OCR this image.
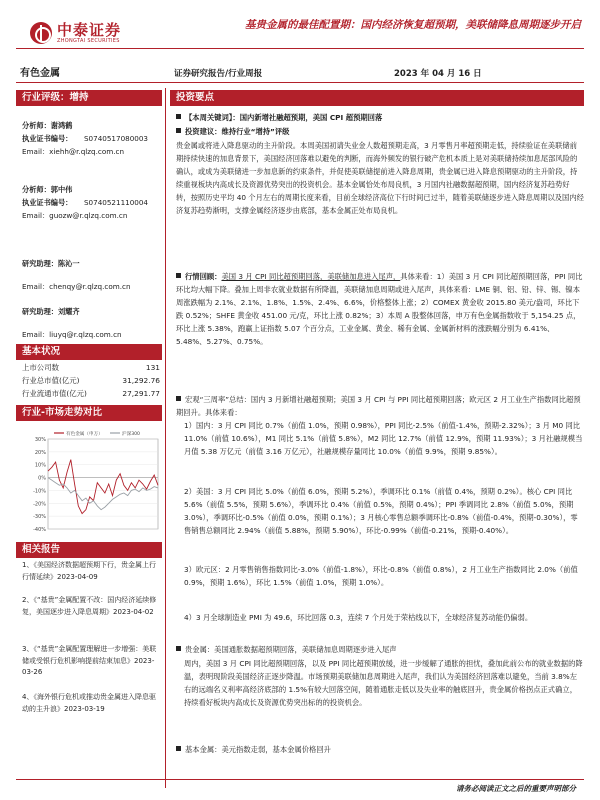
中泰证券
ZHONGTAI SECURITIES
基贵金属的最佳配置期：国内经济恢复超预期，美联储降息周期逐步开启
有色金属	证券研究报告/行业周报	2023 年 04 月 16 日
行业评级：增持
分析师：谢鸿鹤
执业证书编号： S0740517080003
Email：xiehh@r.qlzq.com.cn
分析师：郭中伟
执业证书编号： S0740521110004
Email：guozw@r.qlzq.com.cn
研究助理：陈沁一
Email：chenqy@r.qlzq.com.cn
研究助理：刘耀齐
Email：liuyq@r.qlzq.com.cn
基本状况
上市公司数	131
行业总市值(亿元)	31,292.76
行业流通市值(亿元)	27,291.77
行业-市场走势对比
30%
20%
10%
0%
-10%
-20%
-30%
-40%
有色金属（申万）	沪深300
相关报告
1、《美国经济数据超预期下行，贵金属上行行情延续》2023-04-09
2、《“基贵”金属配置不改：国内经济延续修复，美国逐步进入降息周期》2023-04-02
3、《“基贵”金属配置理解进一步增强：美联储或受银行危机影响提前结束加息》2023-03-26
4、《海外银行危机或推动贵金属进入降息驱动的主升浪》2023-03-19
投资要点
【本周关键词】：国内新增社融超预期，美国 CPI 超预期回落
投资建议：维持行业“增持”评级
贵金属或将进入降息驱动的主升阶段。本周美国初请失业金人数超预期走高，3 月零售月率超预期走低，持续验证在美联储前期持续快速的加息背景下，美国经济回落难以避免的判断，而海外频发的银行破产危机本质上是对美联储持续加息尾部风险的确认，或成为美联储进一步加息新的约束条件，并促使美联储提前进入降息周期，贵金属已进入降息预期驱动的主升阶段，持续重视板块内高成长及资源优势突出的投资机会。基本金属恰处布局良机，3 月国内社融数据超预期，国内经济复苏趋势好转，按照历史平均 40 个月左右的周期长度来看，目前全球经济高位下行时间已过半，随着美联储逐步进入降息周期以及国内经济复苏趋势渐明，支撑金属经济逐步由底部，基本金属正处布局良机。
行情回顾：美国 3 月 CPI 同比超预期回落，美联储加息进入尾声，具体来看：1）美国 3 月 CPI 同比超预期回落，PPI 同比环比均大幅下降。叠加上周非农就业数据有所降温，美联储加息周期或进入尾声，具体来看：LME 铜、铝、铅、锌、锡、镍本周涨跌幅为 2.1%、2.1%、1.8%、1.5%、2.4%、6.6%，价格整体上涨；2）COMEX 黄金收 2015.80 美元/盎司，环比下跌 0.52%；SHFE 黄金收 451.00 元/克，环比上涨 0.82%；3）本周 A 股整体回落，申万有色金属指数收于 5,154.25 点，环比上涨 5.38%，跑赢上证指数 5.07 个百分点，工业金属、黄金、稀有金属、金属新材料的涨跌幅分别为 6.41%、5.48%、5.27%、0.75%。
宏观“三周率”总结：国内 3 月新增社融超预期；美国 3 月 CPI 与 PPI 同比超预期回落；欧元区 2 月工业生产指数同比超预期回升。具体来看：
1）国内：3 月 CPI 同比 0.7%（前值 1.0%，预期 0.98%），PPI 同比-2.5%（前值-1.4%，预期-2.32%）；3 月 M0 同比 11.0%（前值 10.6%），M1 同比 5.1%（前值 5.8%），M2 同比 12.7%（前值 12.9%，预期 11.93%）；3 月社融规模当月值 5.38 万亿元（前值 3.16 万亿元），社融规模存量同比 10.0%（前值 9.9%，预期 9.85%）。
2）美国：3 月 CPI 同比 5.0%（前值 6.0%，预期 5.2%），季调环比 0.1%（前值 0.4%，预期 0.2%）。核心 CPI 同比 5.6%（前值 5.5%，预期 5.6%），季调环比 0.4%（前值 0.5%，预期 0.4%）；PPI 季调同比 2.8%（前值 5.0%，预期 3.0%），季调环比-0.5%（前值 0.0%，预期 0.1%）；3 月核心零售总额季调环比-0.8%（前值-0.4%，预期-0.30%），零售销售总额同比 2.94%（前值 5.88%，预期 5.90%），环比-0.99%（前值-0.21%，预期-0.40%）。
3）欧元区：2 月零售销售指数同比-3.0%（前值-1.8%），环比-0.8%（前值 0.8%），2 月工业生产指数同比 2.0%（前值 0.9%，预期 1.6%），环比 1.5%（前值 1.0%，预期 1.0%）。
4）3 月全球制造业 PMI 为 49.6，环比回落 0.3，连续 7 个月处于荣枯线以下，全球经济复苏动能仍偏弱。
贵金属：美国通胀数据超预期回落，美联储加息周期逐步进入尾声
周内，美国 3 月 CPI 同比超预期回落，以及 PPI 同比超预期放缓，进一步缓解了通胀的担忧，叠加此前公布的就业数据的降温，表明现阶段美国经济正逐步降温。市场预期美联储加息周期进入尾声，我们认为美国经济回落难以避免，当前 3.8%左右的远端名义利率高经济底部的 1.5%有较大回落空间，随着通胀走低以及失业率的触底回升，贵金属价格拐点正式确立，持续看好板块内高成长及资源优势突出标的的投资机会。
基本金属：美元指数走弱，基本金属价格回升
请务必阅读正文之后的重要声明部分
